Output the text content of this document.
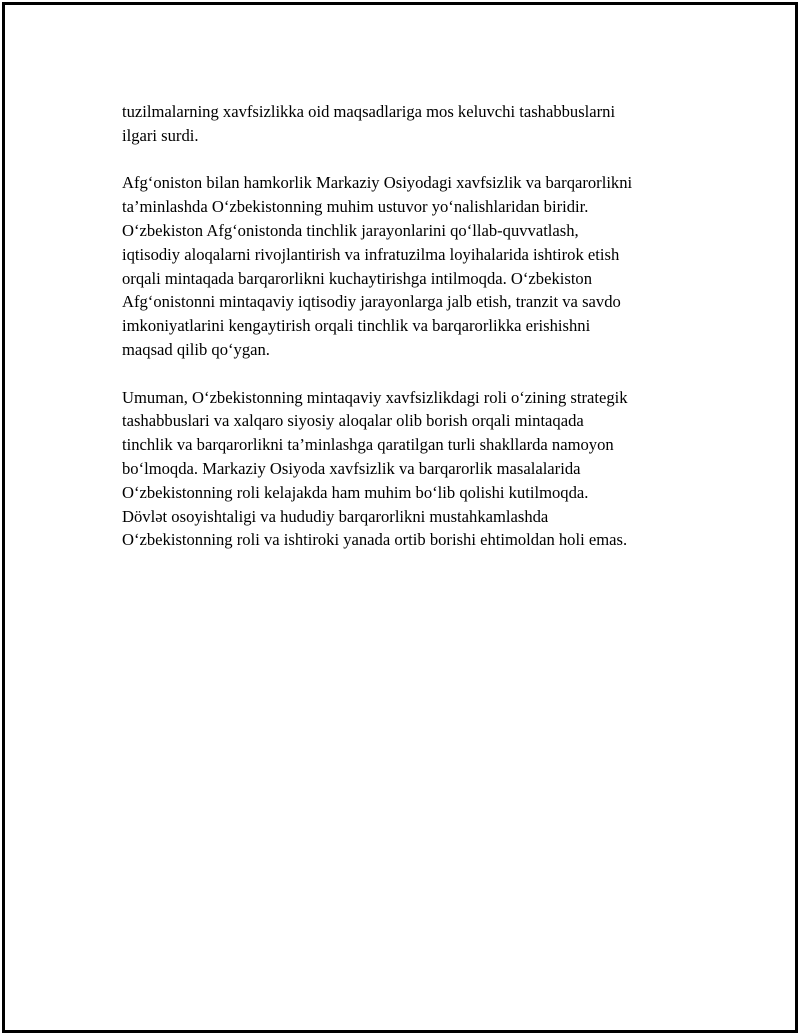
tuzilmalarning xavfsizlikka oid maqsadlariga mos keluvchi tashabbuslarni
ilgari surdi.

Afg‘oniston bilan hamkorlik Markaziy Osiyodagi xavfsizlik va barqarorlikni
ta’minlashda O‘zbekistonning muhim ustuvor yo‘nalishlaridan biridir.
O‘zbekiston Afg‘onistonda tinchlik jarayonlarini qo‘llab-quvvatlash,
iqtisodiy aloqalarni rivojlantirish va infratuzilma loyihalarida ishtirok etish
orqali mintaqada barqarorlikni kuchaytirishga intilmoqda. O‘zbekiston
Afg‘onistonni mintaqaviy iqtisodiy jarayonlarga jalb etish, tranzit va savdo
imkoniyatlarini kengaytirish orqali tinchlik va barqarorlikka erishishni
maqsad qilib qo‘ygan.

Umuman, O‘zbekistonning mintaqaviy xavfsizlikdagi roli o‘zining strategik
tashabbuslari va xalqaro siyosiy aloqalar olib borish orqali mintaqada
tinchlik va barqarorlikni ta’minlashga qaratilgan turli shakllarda namoyon
bo‘lmoqda. Markaziy Osiyoda xavfsizlik va barqarorlik masalalarida
O‘zbekistonning roli kelajakda ham muhim bo‘lib qolishi kutilmoqda.
Dövlət osoyishtaligi va hududiy barqarorlikni mustahkamlashda
O‘zbekistonning roli va ishtiroki yanada ortib borishi ehtimoldan holi emas.
